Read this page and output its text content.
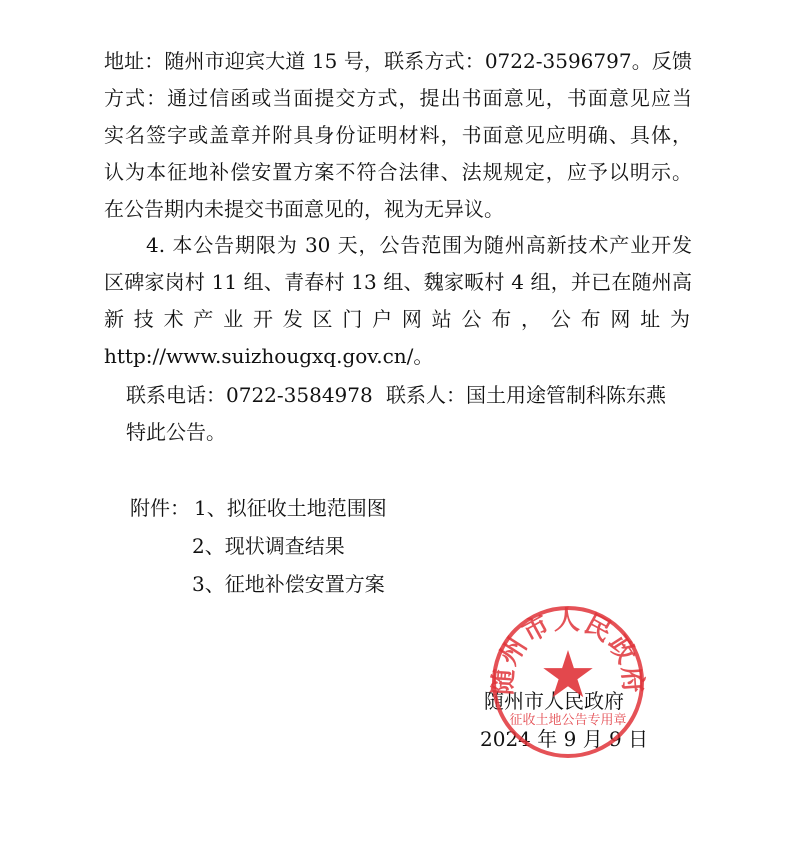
地址：随州市迎宾大道 15 号，联系方式：0722-3596797。反馈
方式：通过信函或当面提交方式，提出书面意见，书面意见应当
实名签字或盖章并附具身份证明材料，书面意见应明确、具体，
认为本征地补偿安置方案不符合法律、法规规定，应予以明示。
在公告期内未提交书面意见的，视为无异议。
4. 本公告期限为 30 天，公告范围为随州高新技术产业开发
区碑家岗村 11 组、青春村 13 组、魏家畈村 4 组，并已在随州高
新技术产业开发区门户网站公布，公布网址为
http://www.suizhougxq.gov.cn/。
联系电话：0722-3584978 联系人：国土用途管制科陈东燕
特此公告。
附件： 1、拟征收土地范围图
2、现状调查结果
3、征地补偿安置方案
随州市人民政府
2024 年 9 月 9 日
随州市人民政府
征收土地公告专用章
